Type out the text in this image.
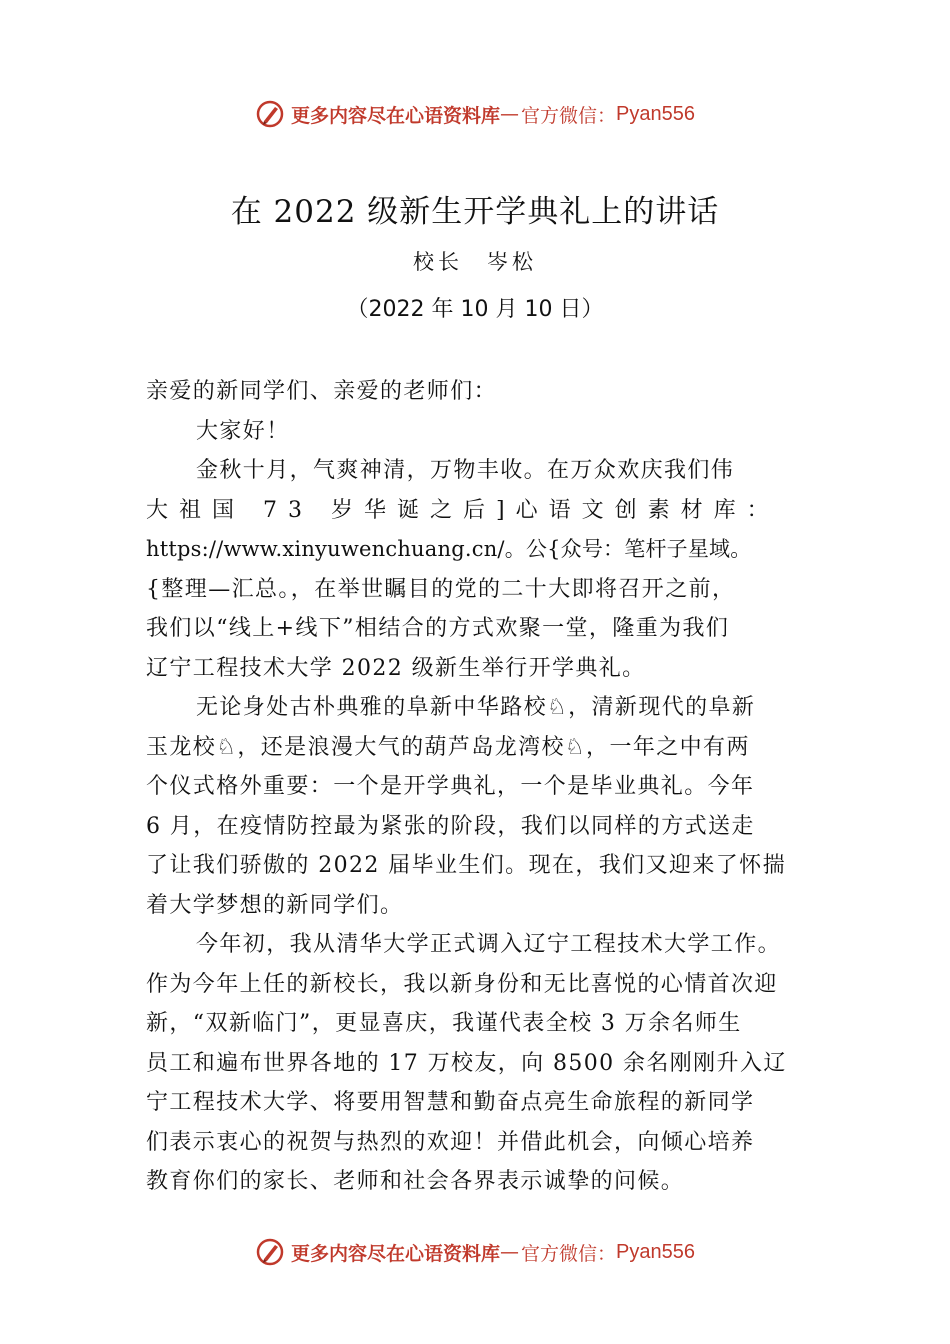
更多内容尽在心语资料库 — 官方微信： Pyan556
在 2022 级新生开学典礼上的讲话
校长 岑松
（2022 年 10 月 10 日）
亲爱的新同学们、亲爱的老师们：
大家好！
金秋十月，气爽神清，万物丰收。在万众欢庆我们伟
大祖国 73 岁华诞之后]心语文创素材库：
https://www.xinyuwenchuang.cn/。公{众号：笔杆子星域。
{整理—汇总。，在举世瞩目的党的二十大即将召开之前，
我们以“线上+线下”相结合的方式欢聚一堂，隆重为我们
辽宁工程技术大学 2022 级新生举行开学典礼。
无论身处古朴典雅的阜新中华路校♘，清新现代的阜新
玉龙校♘，还是浪漫大气的葫芦岛龙湾校♘，一年之中有两
个仪式格外重要：一个是开学典礼，一个是毕业典礼。今年
6 月，在疫情防控最为紧张的阶段，我们以同样的方式送走
了让我们骄傲的 2022 届毕业生们。现在，我们又迎来了怀揣
着大学梦想的新同学们。
今年初，我从清华大学正式调入辽宁工程技术大学工作。
作为今年上任的新校长，我以新身份和无比喜悦的心情首次迎
新，“双新临门”，更显喜庆，我谨代表全校 3 万余名师生
员工和遍布世界各地的 17 万校友，向 8500 余名刚刚升入辽
宁工程技术大学、将要用智慧和勤奋点亮生命旅程的新同学
们表示衷心的祝贺与热烈的欢迎！并借此机会，向倾心培养
教育你们的家长、老师和社会各界表示诚挚的问候。
更多内容尽在心语资料库 — 官方微信： Pyan556
